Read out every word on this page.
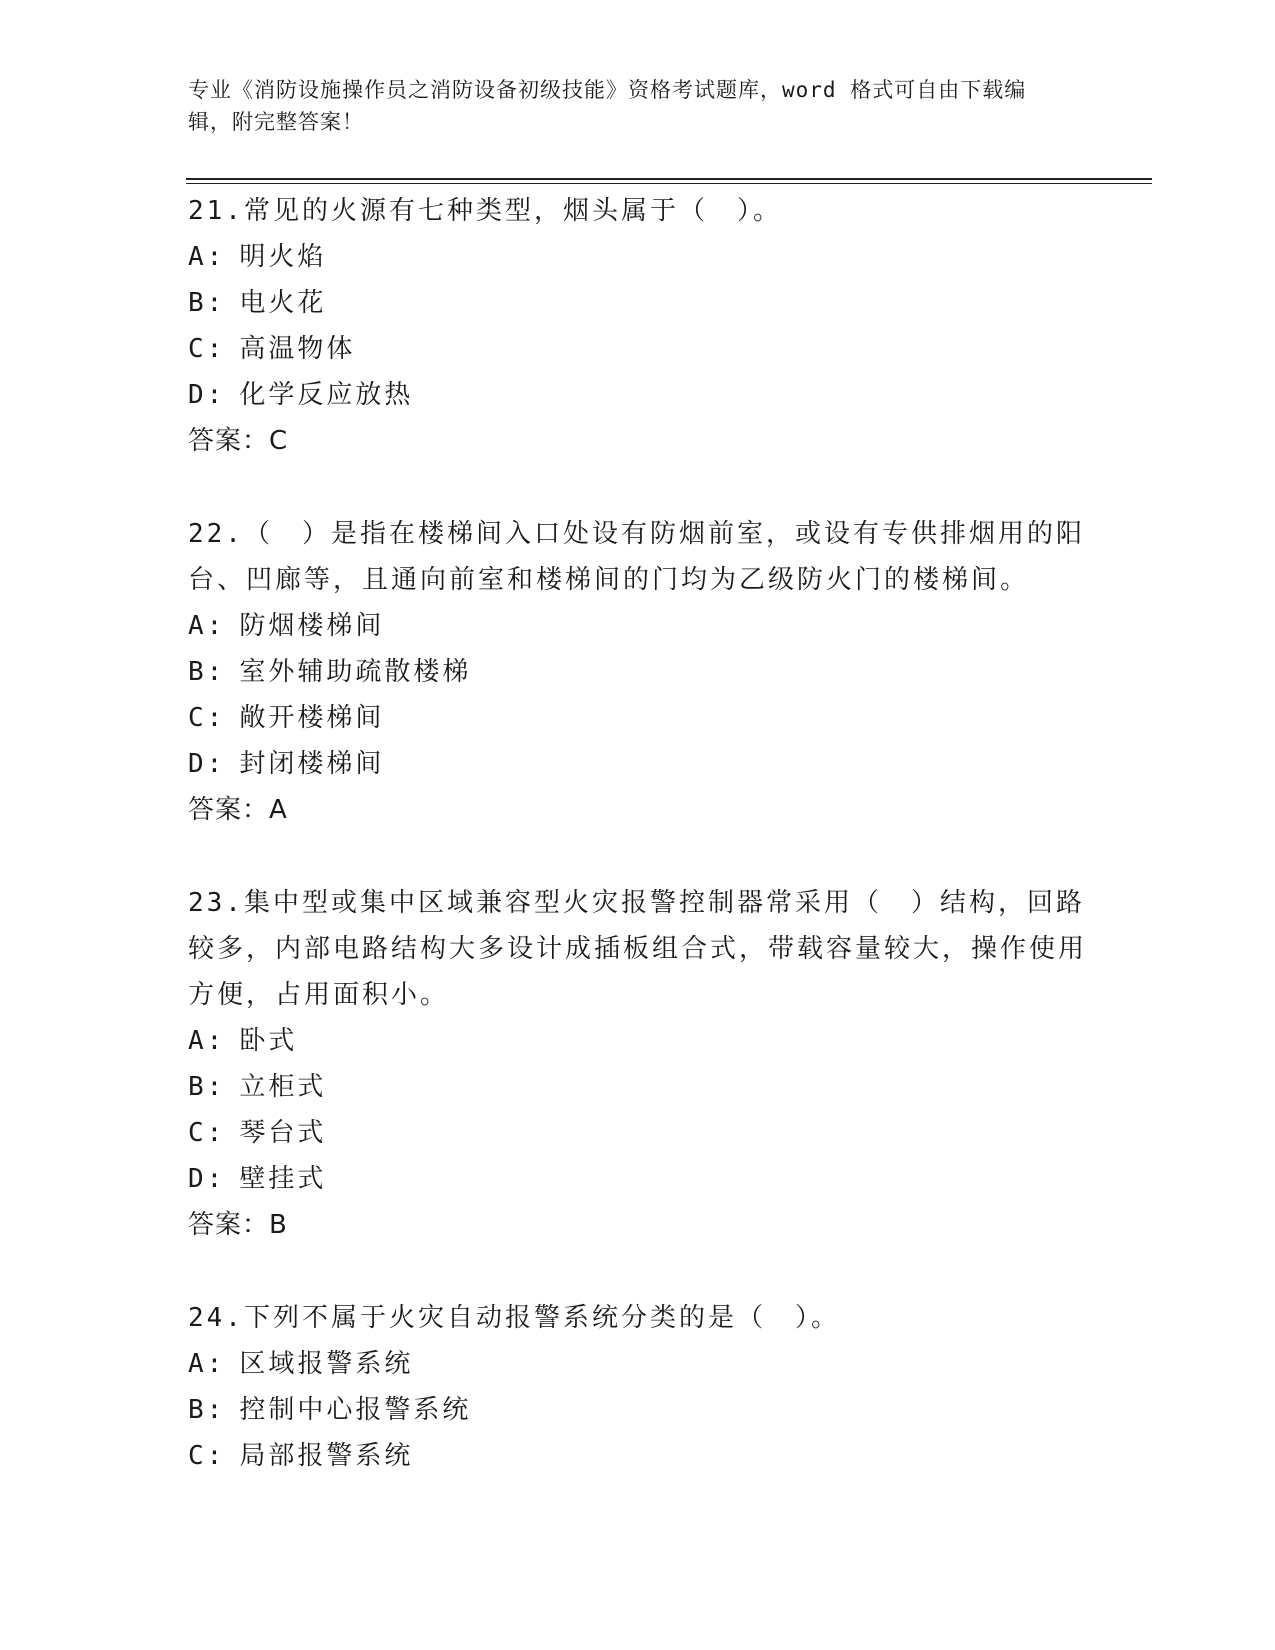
专业《消防设施操作员之消防设备初级技能》资格考试题库，word 格式可自由下载编辑，附完整答案！
21.常见的火源有七种类型，烟头属于（　）。
A: 明火焰
B: 电火花
C: 高温物体
D: 化学反应放热
答案：C
22.（　）是指在楼梯间入口处设有防烟前室，或设有专供排烟用的阳台、凹廊等，且通向前室和楼梯间的门均为乙级防火门的楼梯间。
A: 防烟楼梯间
B: 室外辅助疏散楼梯
C: 敞开楼梯间
D: 封闭楼梯间
答案：A
23.集中型或集中区域兼容型火灾报警控制器常采用（　）结构，回路较多，内部电路结构大多设计成插板组合式，带载容量较大，操作使用方便，占用面积小。
A: 卧式
B: 立柜式
C: 琴台式
D: 壁挂式
答案：B
24.下列不属于火灾自动报警系统分类的是（　）。
A: 区域报警系统
B: 控制中心报警系统
C: 局部报警系统
